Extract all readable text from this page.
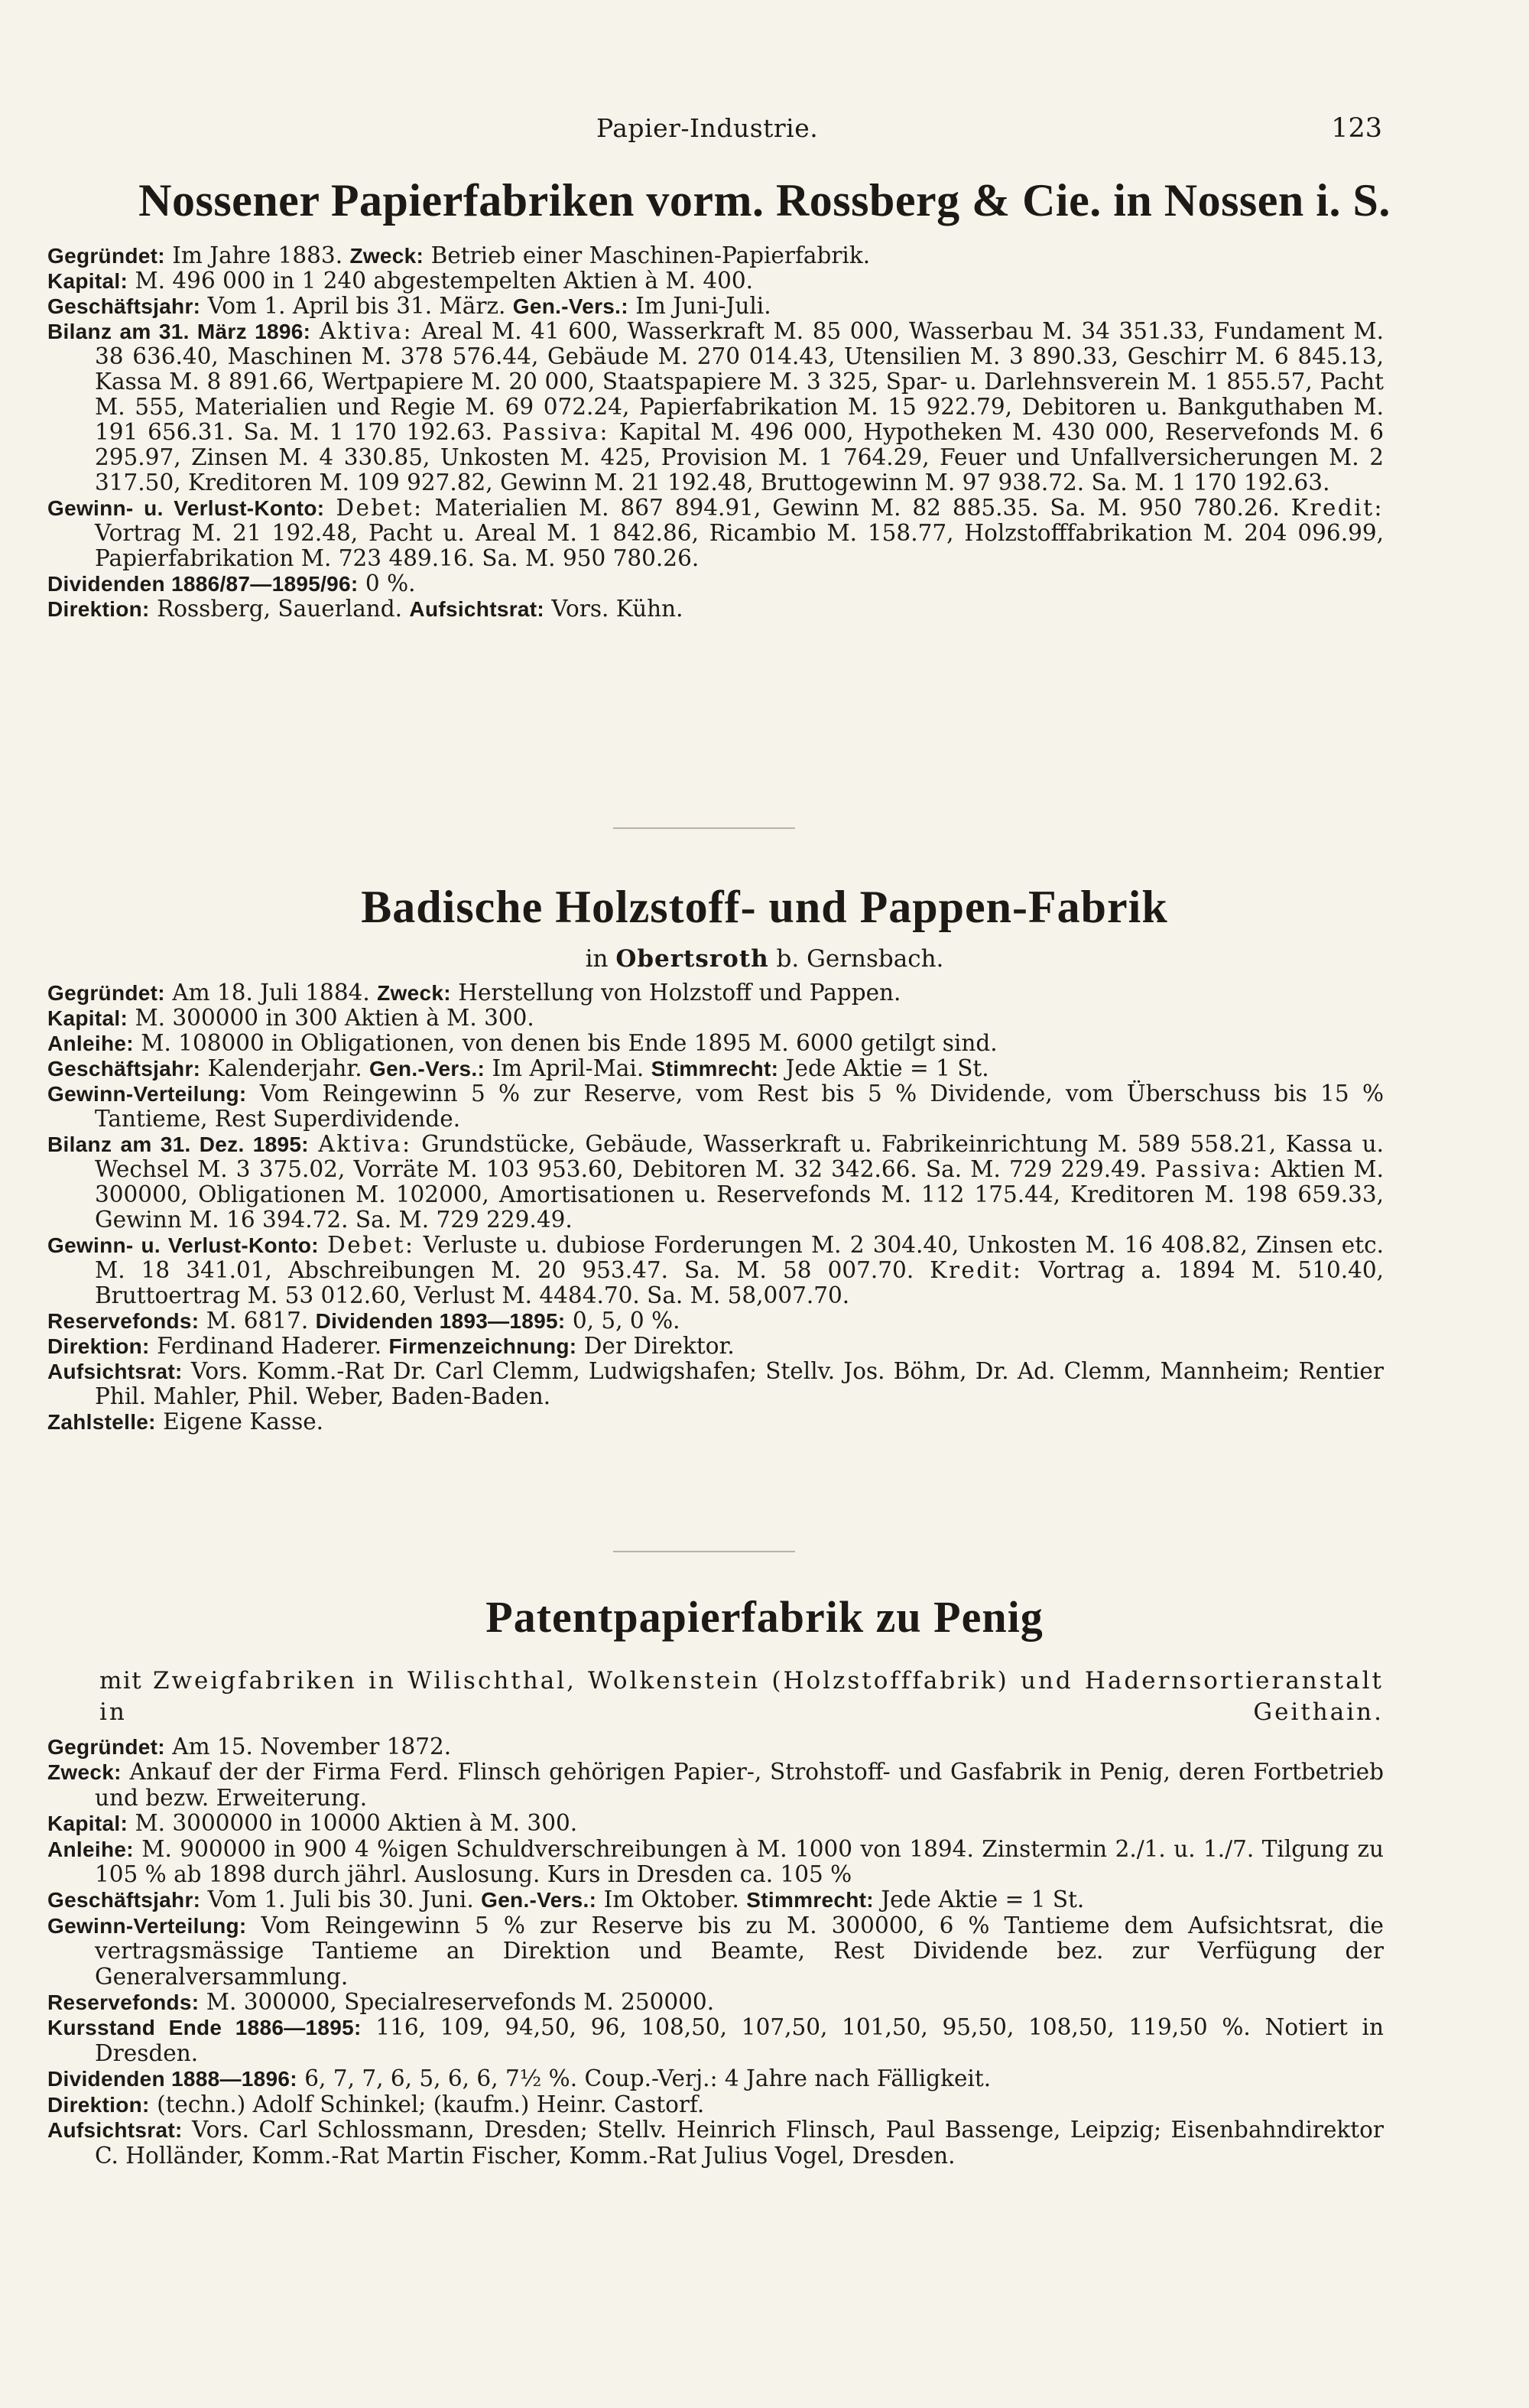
Papier-Industrie.	123
Nossener Papierfabriken vorm. Rossberg & Cie. in Nossen i. S.

Gegründet: Im Jahre 1883. Zweck: Betrieb einer Maschinen-Papierfabrik.

Kapital: M. 496 000 in 1 240 abgestempelten Aktien à M. 400.

Geschäftsjahr: Vom 1. April bis 31. März. Gen.-Vers.: Im Juni-Juli.

Bilanz am 31. März 1896: Aktiva: Areal M. 41 600, Wasserkraft M. 85 000, Wasserbau M. 34 351.33, Fundament M. 38 636.40, Maschinen M. 378 576.44, Gebäude M. 270 014.43, Utensilien M. 3 890.33, Geschirr M. 6 845.13, Kassa M. 8 891.66, Wertpapiere M. 20 000, Staatspapiere M. 3 325, Spar- u. Darlehnsverein M. 1 855.57, Pacht M. 555, Materialien und Regie M. 69 072.24, Papierfabrikation M. 15 922.79, Debitoren u. Bankguthaben M. 191 656.31. Sa. M. 1 170 192.63. Passiva: Kapital M. 496 000, Hypotheken M. 430 000, Reservefonds M. 6 295.97, Zinsen M. 4 330.85, Unkosten M. 425, Provision M. 1 764.29, Feuer und Unfallversicherungen M. 2 317.50, Kreditoren M. 109 927.82, Gewinn M. 21 192.48, Bruttogewinn M. 97 938.72. Sa. M. 1 170 192.63.

Gewinn- u. Verlust-Konto: Debet: Materialien M. 867 894.91, Gewinn M. 82 885.35. Sa. M. 950 780.26. Kredit: Vortrag M. 21 192.48, Pacht u. Areal M. 1 842.86, Ricambio M. 158.77, Holzstofffabrikation M. 204 096.99, Papierfabrikation M. 723 489.16. Sa. M. 950 780.26.

Dividenden 1886/87—1895/96: 0 %.

Direktion: Rossberg, Sauerland. Aufsichtsrat: Vors. Kühn.

Badische Holzstoff- und Pappen-Fabrik
in Obertsroth b. Gernsbach.

Gegründet: Am 18. Juli 1884. Zweck: Herstellung von Holzstoff und Pappen.

Kapital: M. 300000 in 300 Aktien à M. 300.

Anleihe: M. 108000 in Obligationen, von denen bis Ende 1895 M. 6000 getilgt sind.

Geschäftsjahr: Kalenderjahr. Gen.-Vers.: Im April-Mai. Stimmrecht: Jede Aktie = 1 St.

Gewinn-Verteilung: Vom Reingewinn 5 % zur Reserve, vom Rest bis 5 % Dividende, vom Überschuss bis 15 % Tantieme, Rest Superdividende.

Bilanz am 31. Dez. 1895: Aktiva: Grundstücke, Gebäude, Wasserkraft u. Fabrikeinrichtung M. 589 558.21, Kassa u. Wechsel M. 3 375.02, Vorräte M. 103 953.60, Debitoren M. 32 342.66. Sa. M. 729 229.49. Passiva: Aktien M. 300000, Obligationen M. 102000, Amortisationen u. Reservefonds M. 112 175.44, Kreditoren M. 198 659.33, Gewinn M. 16 394.72. Sa. M. 729 229.49.

Gewinn- u. Verlust-Konto: Debet: Verluste u. dubiose Forderungen M. 2 304.40, Unkosten M. 16 408.82, Zinsen etc. M. 18 341.01, Abschreibungen M. 20 953.47. Sa. M. 58 007.70. Kredit: Vortrag a. 1894 M. 510.40, Bruttoertrag M. 53 012.60, Verlust M. 4484.70. Sa. M. 58,007.70.

Reservefonds: M. 6817. Dividenden 1893—1895: 0, 5, 0 %.

Direktion: Ferdinand Haderer. Firmenzeichnung: Der Direktor.

Aufsichtsrat: Vors. Komm.-Rat Dr. Carl Clemm, Ludwigshafen; Stellv. Jos. Böhm, Dr. Ad. Clemm, Mannheim; Rentier Phil. Mahler, Phil. Weber, Baden-Baden.

Zahlstelle: Eigene Kasse.

Patentpapierfabrik zu Penig
mit Zweigfabriken in Wilischthal, Wolkenstein (Holzstofffabrik) und Hadernsortieranstalt in Geithain.

Gegründet: Am 15. November 1872.

Zweck: Ankauf der der Firma Ferd. Flinsch gehörigen Papier-, Strohstoff- und Gasfabrik in Penig, deren Fortbetrieb und bezw. Erweiterung.

Kapital: M. 3000000 in 10000 Aktien à M. 300.

Anleihe: M. 900000 in 900 4 %igen Schuldverschreibungen à M. 1000 von 1894. Zinstermin 2./1. u. 1./7. Tilgung zu 105 % ab 1898 durch jährl. Auslosung. Kurs in Dresden ca. 105 %

Geschäftsjahr: Vom 1. Juli bis 30. Juni. Gen.-Vers.: Im Oktober. Stimmrecht: Jede Aktie = 1 St.

Gewinn-Verteilung: Vom Reingewinn 5 % zur Reserve bis zu M. 300000, 6 % Tantieme dem Aufsichtsrat, die vertragsmässige Tantieme an Direktion und Beamte, Rest Dividende bez. zur Verfügung der Generalversammlung.

Reservefonds: M. 300000, Specialreservefonds M. 250000.

Kursstand Ende 1886—1895: 116, 109, 94,50, 96, 108,50, 107,50, 101,50, 95,50, 108,50, 119,50 %. Notiert in Dresden.

Dividenden 1888—1896: 6, 7, 7, 6, 5, 6, 6, 7½ %. Coup.-Verj.: 4 Jahre nach Fälligkeit.

Direktion: (techn.) Adolf Schinkel; (kaufm.) Heinr. Castorf.

Aufsichtsrat: Vors. Carl Schlossmann, Dresden; Stellv. Heinrich Flinsch, Paul Bassenge, Leipzig; Eisenbahndirektor C. Holländer, Komm.-Rat Martin Fischer, Komm.-Rat Julius Vogel, Dresden.
